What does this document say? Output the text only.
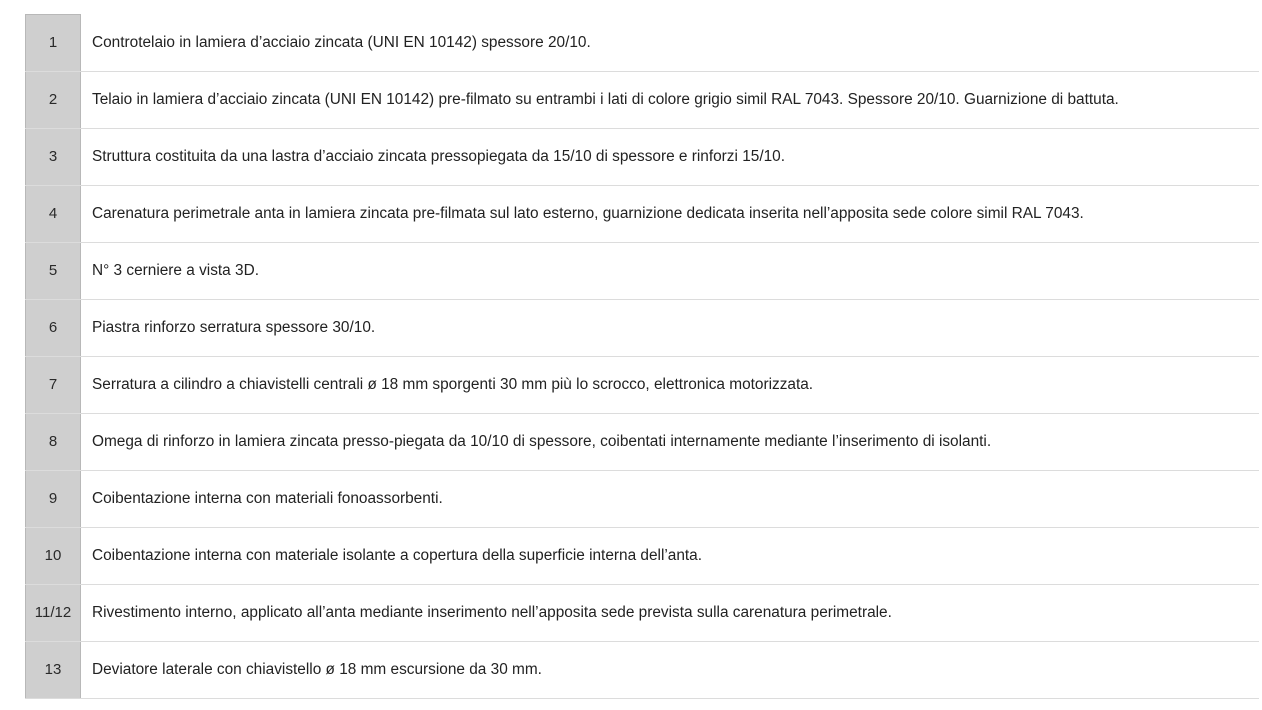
1	Controtelaio in lamiera d’acciaio zincata (UNI EN 10142) spessore 20/10.
2	Telaio in lamiera d’acciaio zincata (UNI EN 10142) pre-filmato su entrambi i lati di colore grigio simil RAL 7043. Spessore 20/10. Guarnizione di battuta.
3	Struttura costituita da una lastra d’acciaio zincata pressopiegata da 15/10 di spessore e rinforzi 15/10.
4	Carenatura perimetrale anta in lamiera zincata pre-filmata sul lato esterno, guarnizione dedicata inserita nell’apposita sede colore simil RAL 7043.
5	N° 3 cerniere a vista 3D.
6	Piastra rinforzo serratura spessore 30/10.
7	Serratura a cilindro a chiavistelli centrali ø 18 mm sporgenti 30 mm più lo scrocco, elettronica motorizzata.
8	Omega di rinforzo in lamiera zincata presso-piegata da 10/10 di spessore, coibentati internamente mediante l’inserimento di isolanti.
9	Coibentazione interna con materiali fonoassorbenti.
10	Coibentazione interna con materiale isolante a copertura della superficie interna dell’anta.
11/12	Rivestimento interno, applicato all’anta mediante inserimento nell’apposita sede prevista sulla carenatura perimetrale.
13	Deviatore laterale con chiavistello ø 18 mm escursione da 30 mm.
